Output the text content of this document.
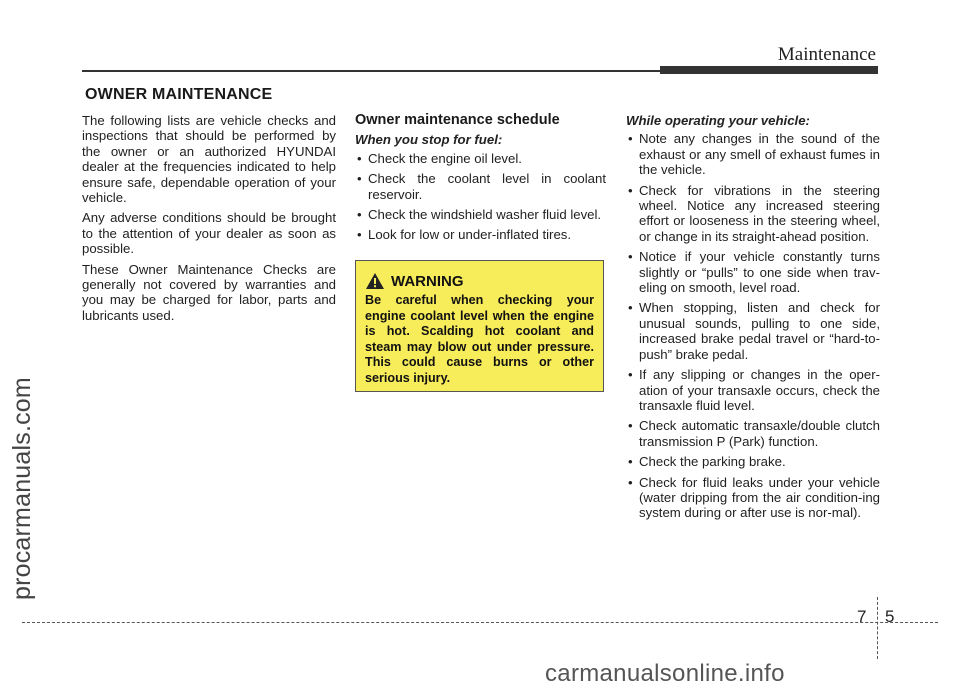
Maintenance
procarmanuals.com
OWNER MAINTENANCE

The following lists are vehicle checks and inspections that should be performed by the owner or an authorized HYUNDAI dealer at the frequencies indicated to help ensure safe, dependable operation of your vehicle.

Any adverse conditions should be brought to the attention of your dealer as soon as possible.

These Owner Maintenance Checks are generally not covered by warranties and you may be charged for labor, parts and lubricants used.

Owner maintenance schedule
When you stop for fuel:
• Check the engine oil level.
• Check the coolant level in coolant reservoir.
• Check the windshield washer fluid level.
• Look for low or under-inflated tires.
WARNING
Be careful when checking your engine coolant level when the engine is hot. Scalding hot coolant and steam may blow out under pressure. This could cause burns or other serious injury.
While operating your vehicle:
• Note any changes in the sound of the exhaust or any smell of exhaust fumes in the vehicle.
• Check for vibrations in the steering wheel. Notice any increased steering effort or looseness in the steering wheel, or change in its straight-ahead position.
• Notice if your vehicle constantly turns slightly or “pulls” to one side when trav-eling on smooth, level road.
• When stopping, listen and check for unusual sounds, pulling to one side, increased brake pedal travel or “hard-to-push” brake pedal.
• If any slipping or changes in the oper-ation of your transaxle occurs, check the transaxle fluid level.
• Check automatic transaxle/double clutch transmission P (Park) function.
• Check the parking brake.
• Check for fluid leaks under your vehicle (water dripping from the air condition-ing system during or after use is nor-mal).
7 5
carmanualsonline.info
